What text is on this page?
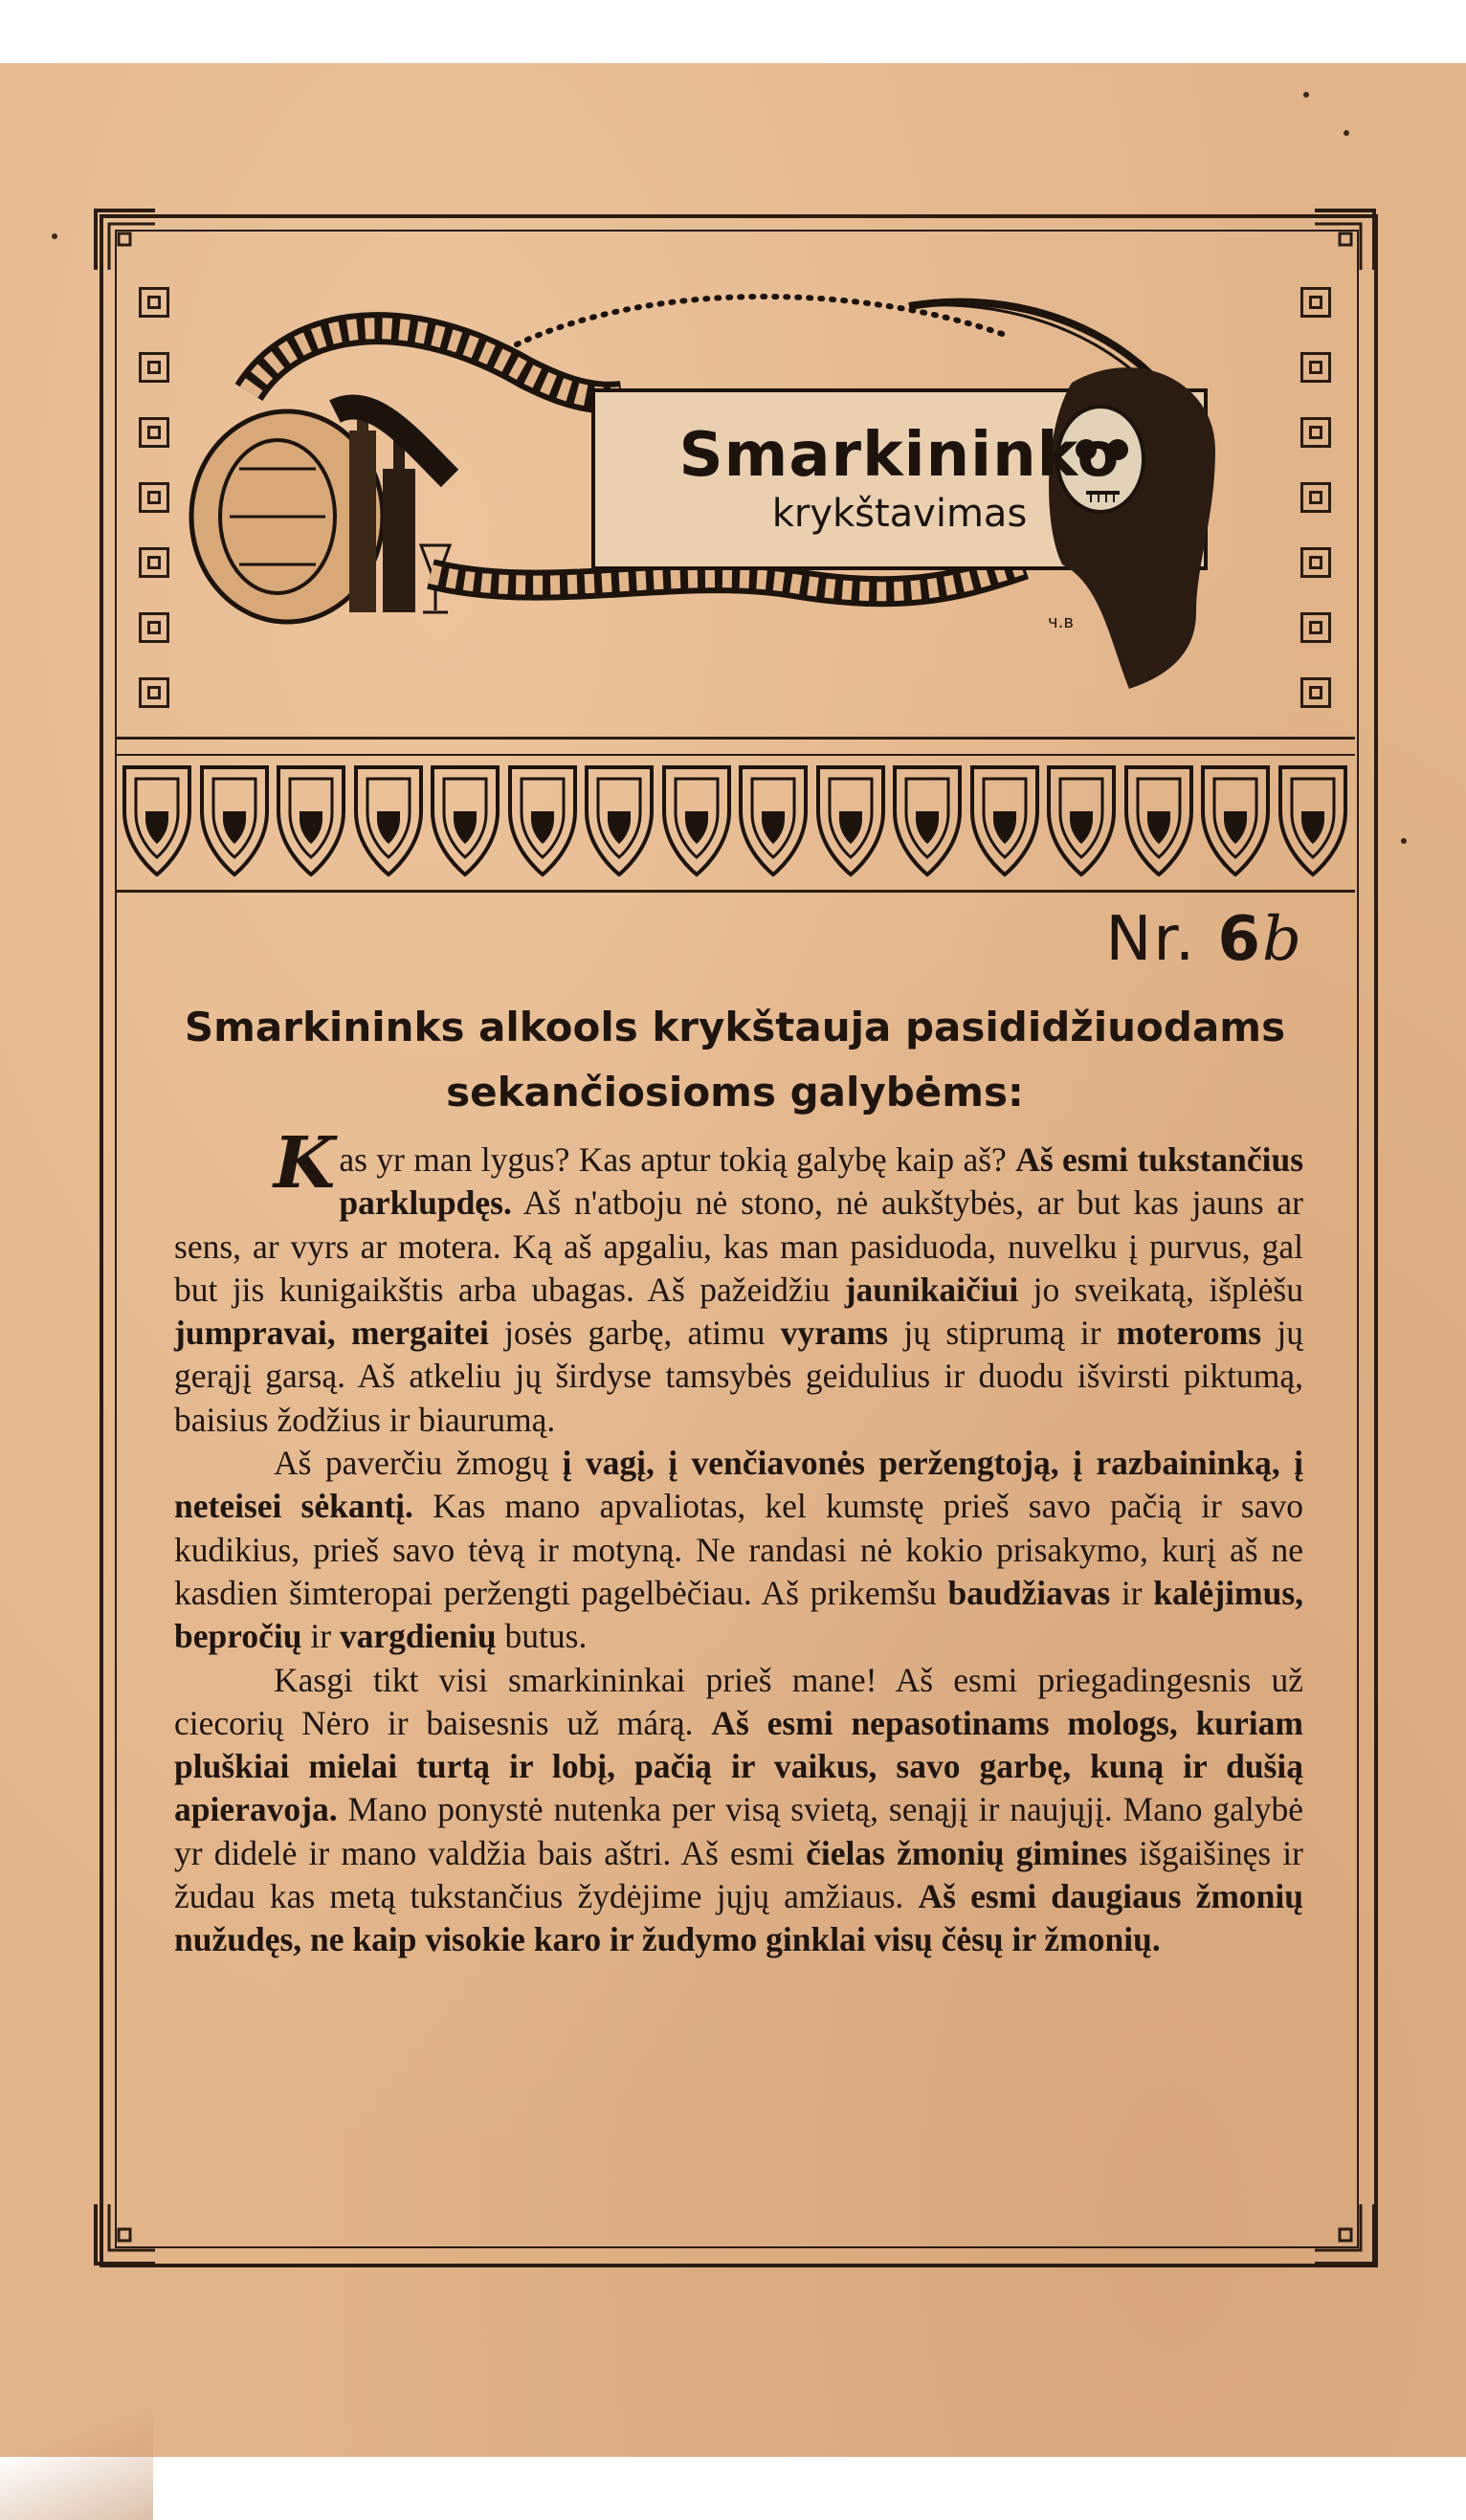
Smarkininko
krykštavimas
ч.в
Nr. 6b
Smarkininks alkools krykštauja pasididžiuodams
sekančiosioms galybėms:

Kas yr man lygus? Kas aptur tokią galybę kaip aš? Aš esmi tukstančius parklupdęs. Aš n'atboju nė stono, nė aukštybės, ar but kas jauns ar sens, ar vyrs ar motera. Ką aš apgaliu, kas man pasiduoda, nuvelku į purvus, gal but jis kunigaikštis arba ubagas. Aš pažeidžiu jaunikaičiui jo sveikatą, išplėšu jumpravai, mergaitei josės garbę, atimu vyrams jų stiprumą ir moteroms jų gerąjį garsą. Aš atkeliu jų širdyse tamsybės geidulius ir duodu išvirsti piktumą, baisius žodžius ir biaurumą.

Aš paverčiu žmogų į vagį, į venčiavonės peržengtoją, į razbaininką, į neteisei sėkantį. Kas mano apvaliotas, kel kumstę prieš savo pačią ir savo kudikius, prieš savo tėvą ir motyną. Ne randasi nė kokio prisakymo, kurį aš ne kasdien šimteropai peržengti pagelbėčiau. Aš prikemšu baudžiavas ir kalėjimus, bepročių ir vargdienių butus.

Kasgi tikt visi smarkininkai prieš mane! Aš esmi priegadingesnis už ciecorių Nėro ir baisesnis už márą. Aš esmi nepasotinams mologs, kuriam pluškiai mielai turtą ir lobį, pačią ir vaikus, savo garbę, kuną ir dušią apieravoja. Mano ponystė nutenka per visą svietą, senąjį ir naujųjį. Mano galybė yr didelė ir mano valdžia bais aštri. Aš esmi čielas žmonių gimines išgaišinęs ir žudau kas metą tukstančius žydėjime jųjų amžiaus. Aš esmi daugiaus žmonių nužudęs, ne kaip visokie karo ir žudymo ginklai visų čėsų ir žmonių.
